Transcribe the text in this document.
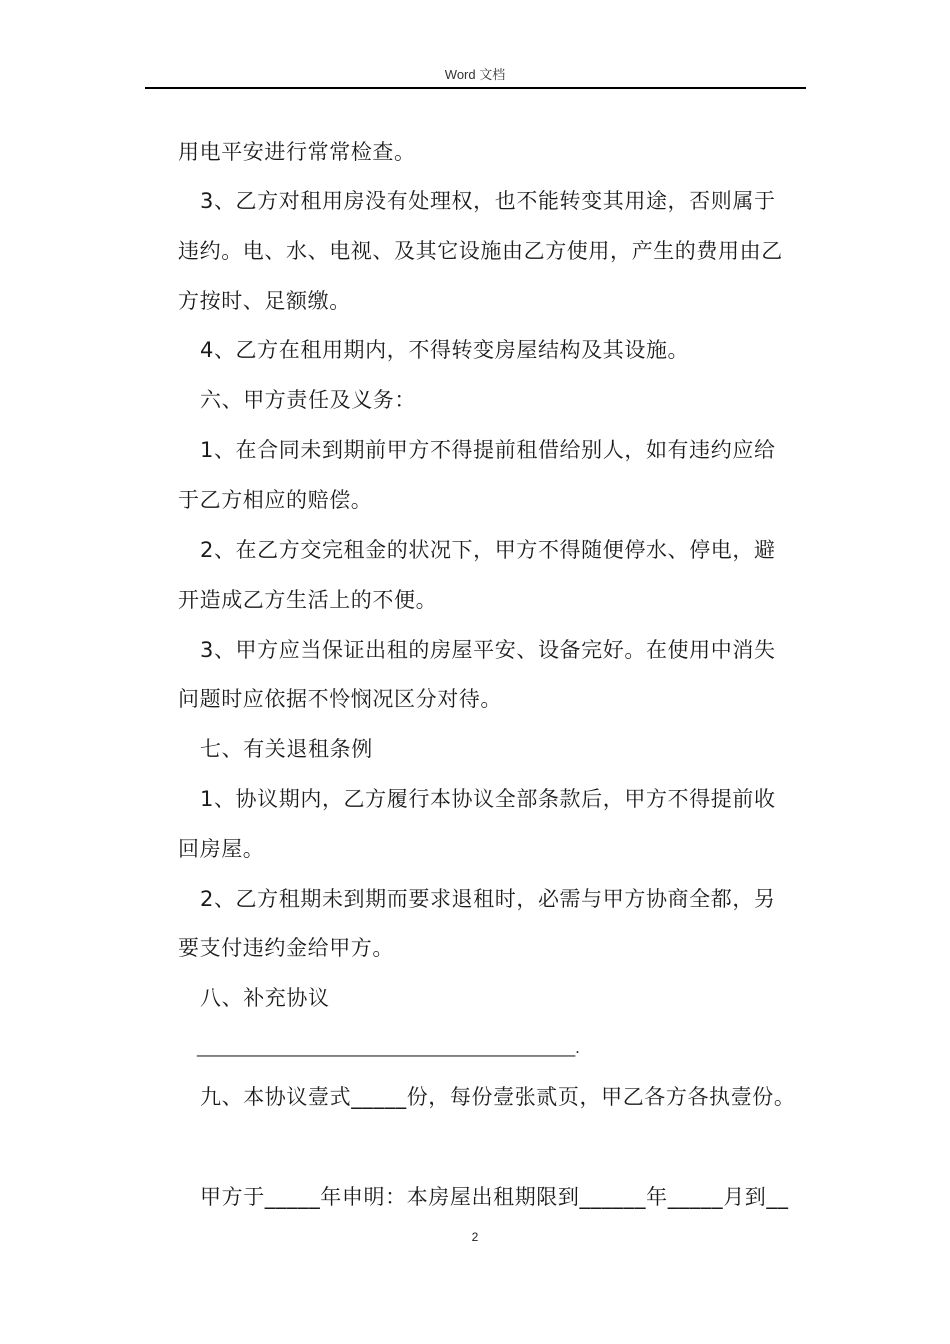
Word 文档
用电平安进行常常检查。
3、乙方对租用房没有处理权，也不能转变其用途，否则属于
违约。电、水、电视、及其它设施由乙方使用，产生的费用由乙
方按时、足额缴。
4、乙方在租用期内，不得转变房屋结构及其设施。
六、甲方责任及义务：
1、在合同未到期前甲方不得提前租借给别人，如有违约应给
于乙方相应的赔偿。
2、在乙方交完租金的状况下，甲方不得随便停水、停电，避
开造成乙方生活上的不便。
3、甲方应当保证出租的房屋平安、设备完好。在使用中消失
问题时应依据不怜悯况区分对待。
七、有关退租条例
1、协议期内，乙方履行本协议全部条款后，甲方不得提前收
回房屋。
2、乙方租期未到期而要求退租时，必需与甲方协商全都，另
要支付违约金给甲方。
八、补充协议
________________________________________.
九、本协议壹式_____份，每份壹张贰页，甲乙各方各执壹份。
甲方于_____年申明：本房屋出租期限到______年_____月到__
2
